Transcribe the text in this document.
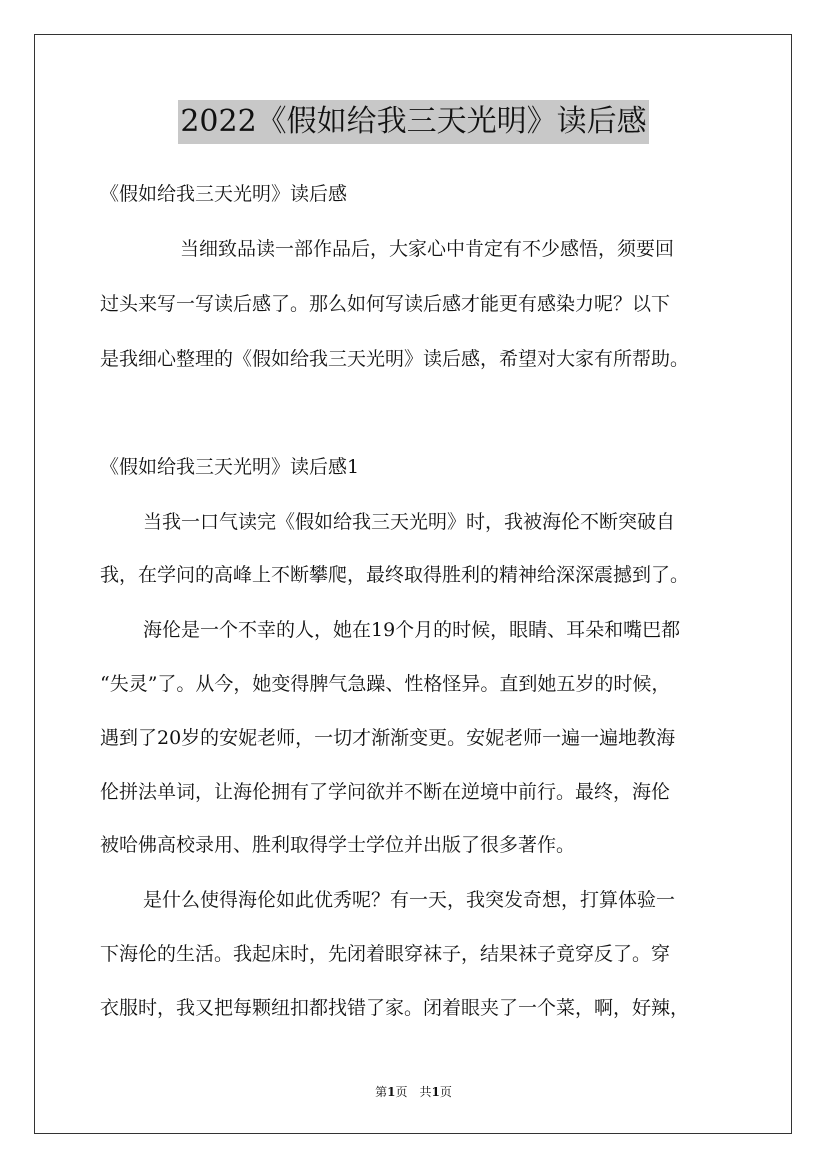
2022《假如给我三天光明》读后感
《假如给我三天光明》读后感
当细致品读一部作品后，大家心中肯定有不少感悟，须要回
过头来写一写读后感了。那么如何写读后感才能更有感染力呢？以下
是我细心整理的《假如给我三天光明》读后感，希望对大家有所帮助。
《假如给我三天光明》读后感1
当我一口气读完《假如给我三天光明》时，我被海伦不断突破自
我，在学问的高峰上不断攀爬，最终取得胜利的精神给深深震撼到了。
海伦是一个不幸的人，她在19个月的时候，眼睛、耳朵和嘴巴都
“失灵”了。从今，她变得脾气急躁、性格怪异。直到她五岁的时候，
遇到了20岁的安妮老师，一切才渐渐变更。安妮老师一遍一遍地教海
伦拼法单词，让海伦拥有了学问欲并不断在逆境中前行。最终，海伦
被哈佛高校录用、胜利取得学士学位并出版了很多著作。
是什么使得海伦如此优秀呢？有一天，我突发奇想，打算体验一
下海伦的生活。我起床时，先闭着眼穿袜子，结果袜子竟穿反了。穿
衣服时，我又把每颗纽扣都找错了家。闭着眼夹了一个菜，啊，好辣，
第1页　共1页
